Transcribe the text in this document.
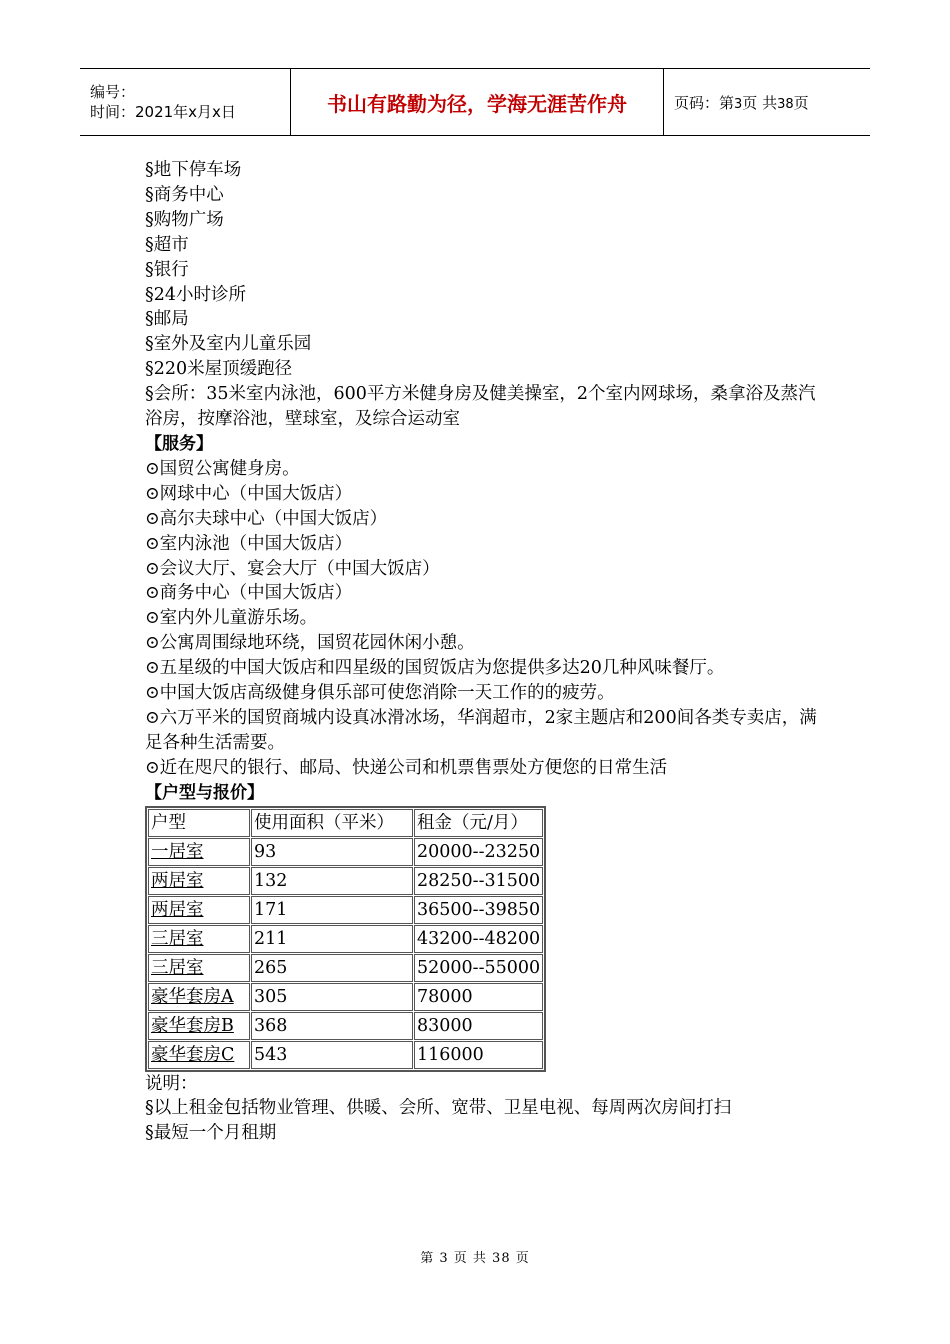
编号：
时间：2021年x月x日	书山有路勤为径，学海无涯苦作舟	页码：第3页 共38页
§地下停车场
§商务中心
§购物广场
§超市
§银行
§24小时诊所
§邮局
§室外及室内儿童乐园
§220米屋顶缓跑径
§会所：35米室内泳池，600平方米健身房及健美操室，2个室内网球场，桑拿浴及蒸汽浴房，按摩浴池，壁球室，及综合运动室
【服务】
⊙国贸公寓健身房。
⊙网球中心（中国大饭店）
⊙高尔夫球中心（中国大饭店）
⊙室内泳池（中国大饭店）
⊙会议大厅、宴会大厅（中国大饭店）
⊙商务中心（中国大饭店）
⊙室内外儿童游乐场。
⊙公寓周围绿地环绕，国贸花园休闲小憩。
⊙五星级的中国大饭店和四星级的国贸饭店为您提供多达20几种风味餐厅。
⊙中国大饭店高级健身俱乐部可使您消除一天工作的的疲劳。
⊙六万平米的国贸商城内设真冰滑冰场，华润超市，2家主题店和200间各类专卖店，满足各种生活需要。
⊙近在咫尺的银行、邮局、快递公司和机票售票处方便您的日常生活
【户型与报价】
户型	使用面积（平米）	租金（元/月）
一居室	93	20000--23250
两居室	132	28250--31500
两居室	171	36500--39850
三居室	211	43200--48200
三居室	265	52000--55000
豪华套房A	305	78000
豪华套房B	368	83000
豪华套房C	543	116000
说明：
§以上租金包括物业管理、供暖、会所、宽带、卫星电视、每周两次房间打扫
§最短一个月租期
第 3 页 共 38 页
